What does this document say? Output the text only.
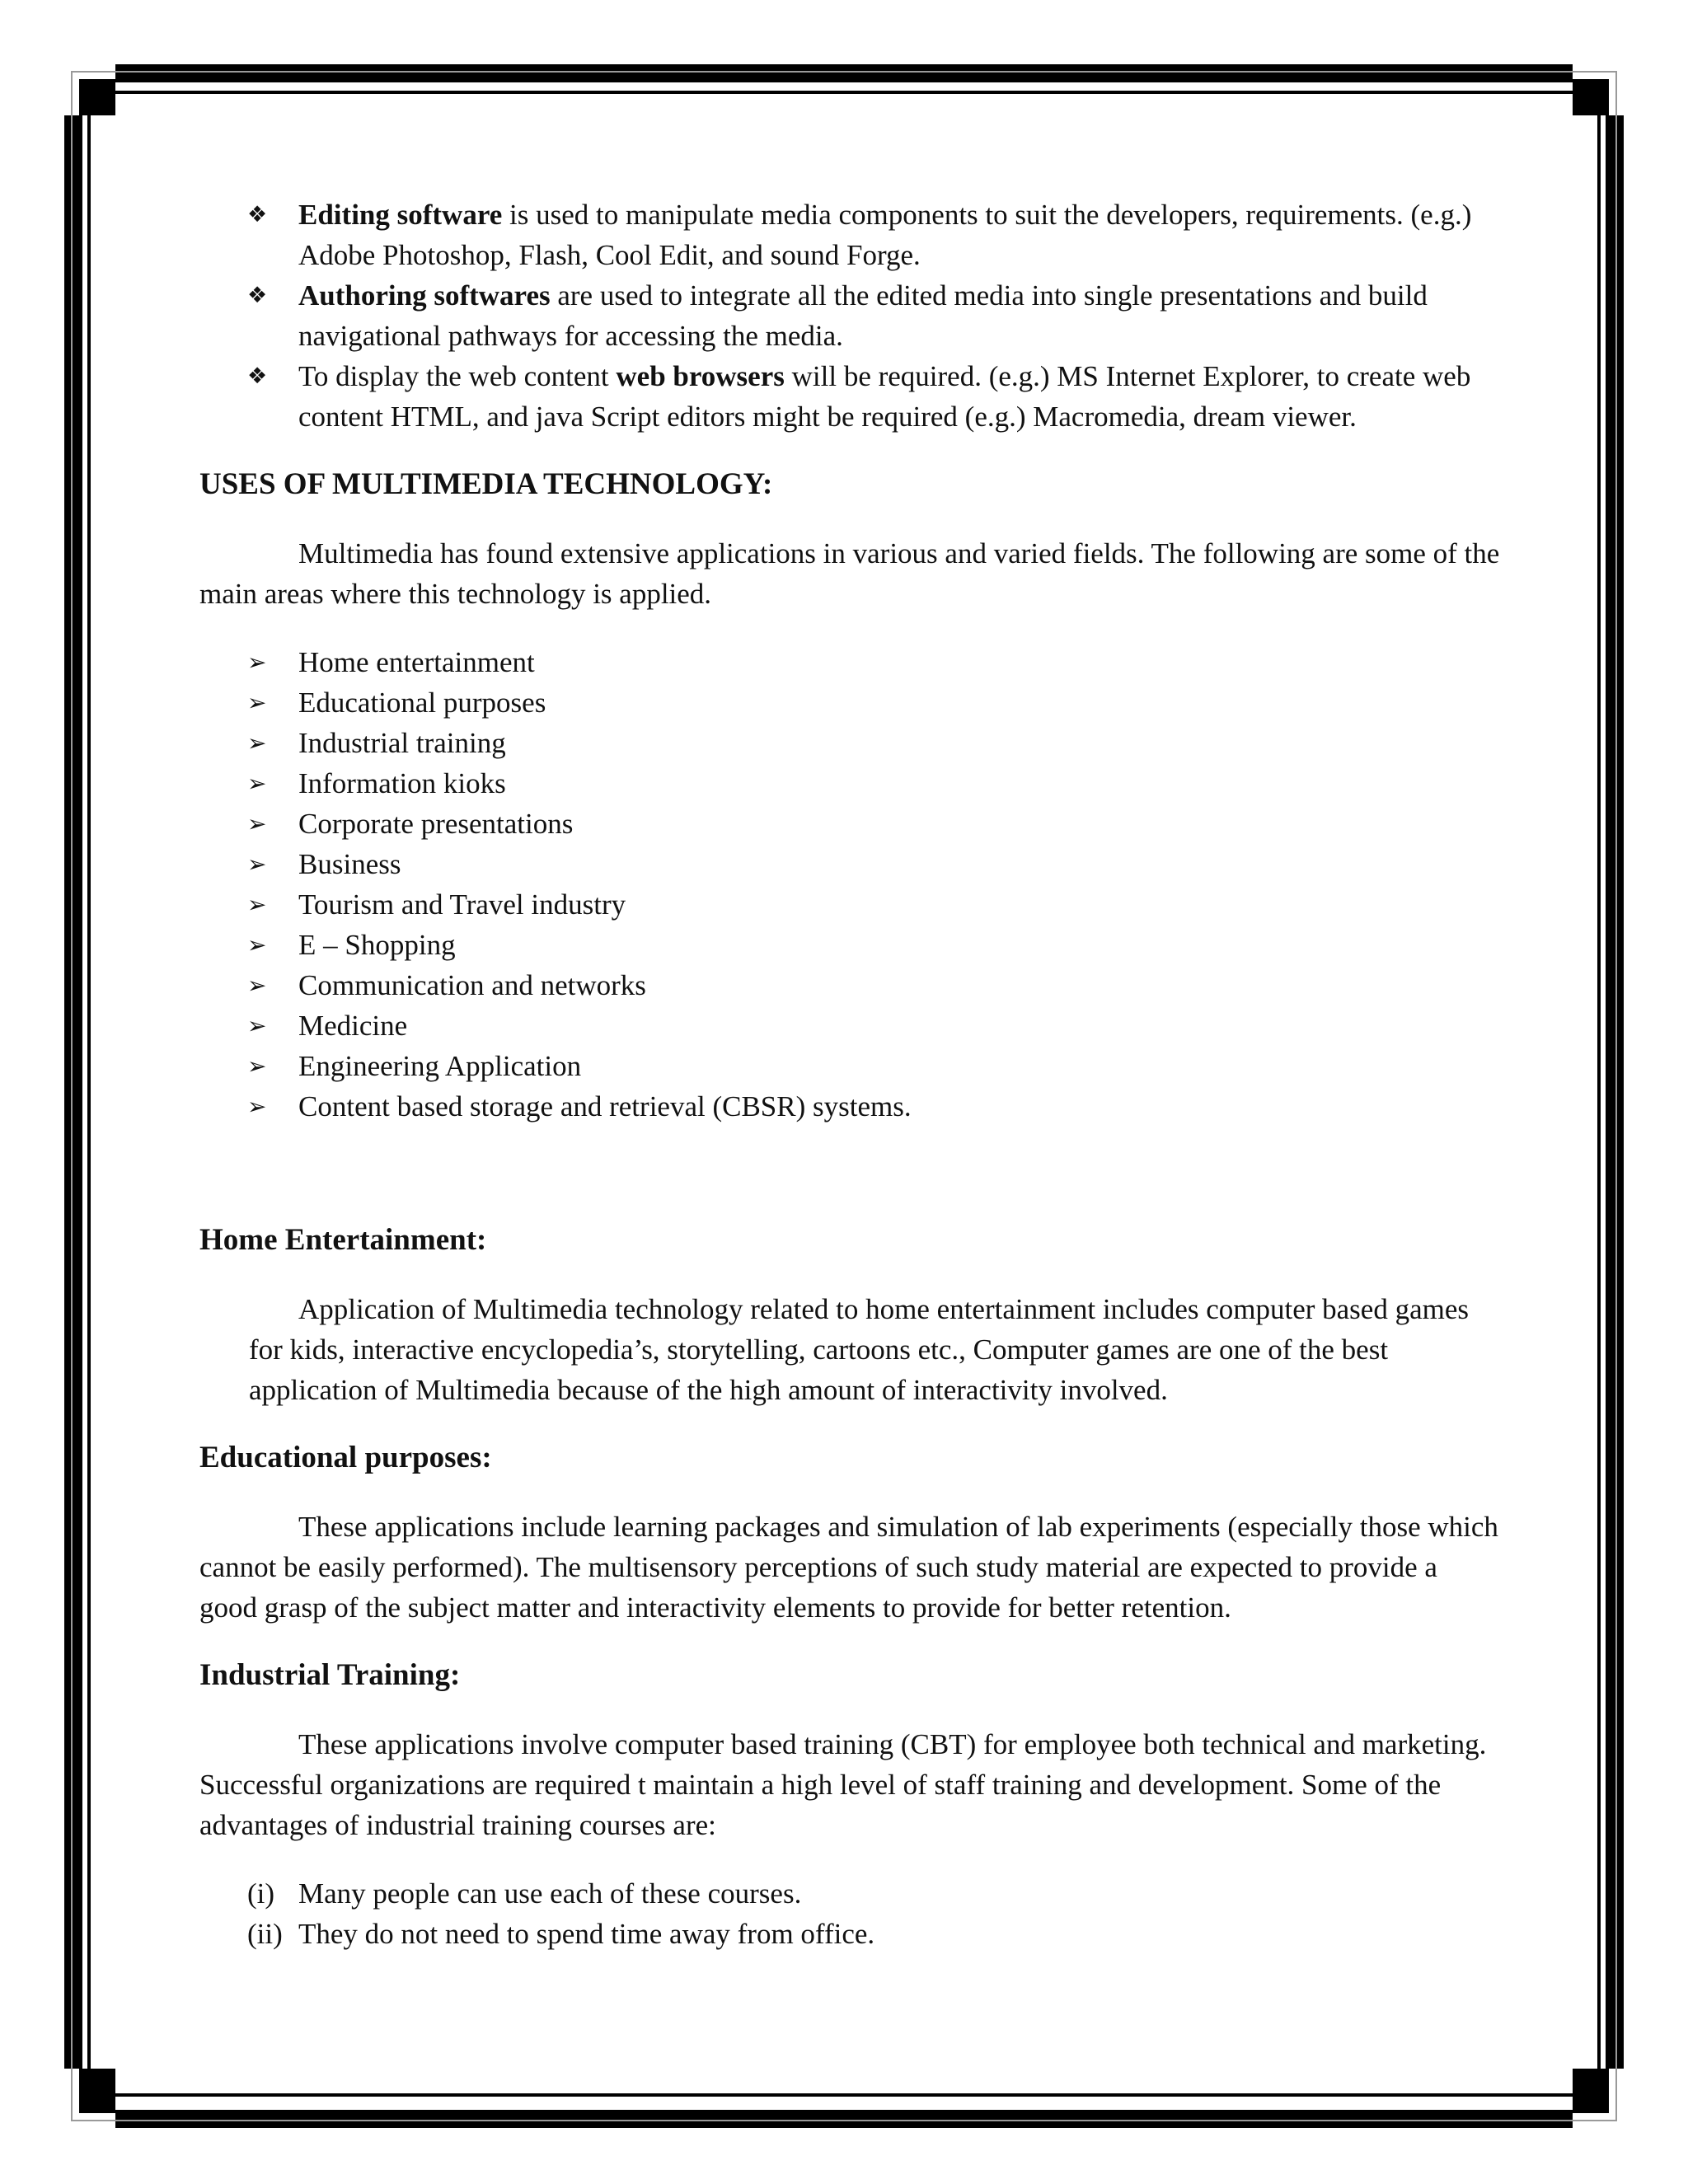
❖	Editing software is used to manipulate media components to suit the developers, requirements. (e.g.) Adobe Photoshop, Flash, Cool Edit, and sound Forge.
❖	Authoring softwares are used to integrate all the edited media into single presentations and build navigational pathways for accessing the media.
❖	To display the web content web browsers will be required. (e.g.) MS Internet Explorer, to create web content HTML, and java Script editors might be required (e.g.) Macromedia, dream viewer.
USES OF MULTIMEDIA TECHNOLOGY:

Multimedia has found extensive applications in various and varied fields. The following are some of the main areas where this technology is applied.

➢	Home entertainment
➢	Educational purposes
➢	Industrial training
➢	Information kioks
➢	Corporate presentations
➢	Business
➢	Tourism and Travel industry
➢	E – Shopping
➢	Communication and networks
➢	Medicine
➢	Engineering Application
➢	Content based storage and retrieval (CBSR) systems.
Home Entertainment:

Application of Multimedia technology related to home entertainment includes computer based games for kids, interactive encyclopedia’s, storytelling, cartoons etc., Computer games are one of the best application of Multimedia because of the high amount of interactivity involved.

Educational purposes:

These applications include learning packages and simulation of lab experiments (especially those which cannot be easily performed). The multisensory perceptions of such study material are expected to provide a good grasp of the subject matter and interactivity elements to provide for better retention.

Industrial Training:

These applications involve computer based training (CBT) for employee both technical and marketing. Successful organizations are required t maintain a high level of staff training and development. Some of the advantages of industrial training courses are:

(i) Many people can use each of these courses.
(ii) They do not need to spend time away from office.
